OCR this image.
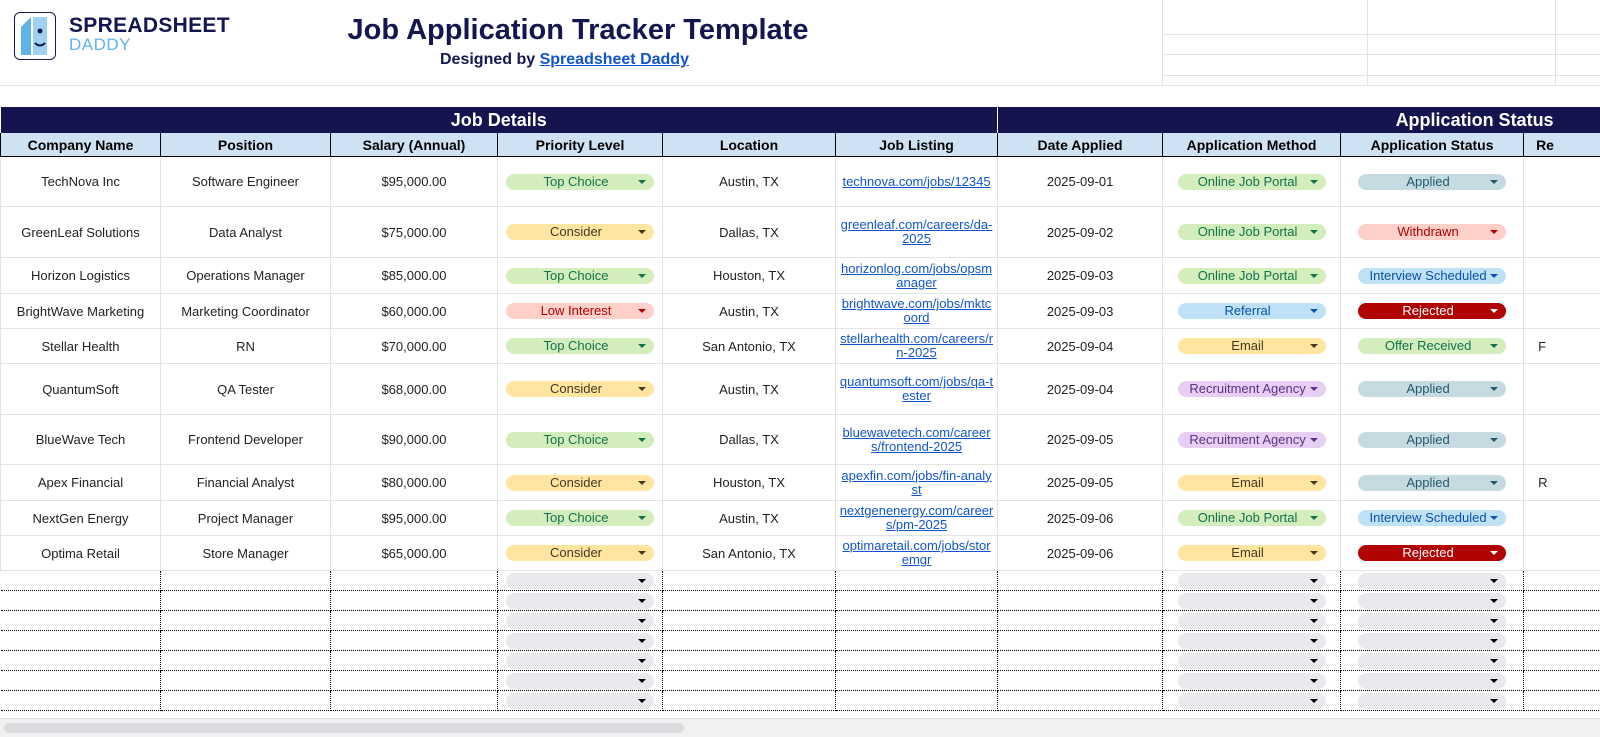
SPREADSHEET
DADDY	Job Application Tracker Template
Designed by Spreadsheet Daddy
Job Details						Application Status			
Company Name	Position	Salary (Annual)	Priority Level	Location	Job Listing	Date Applied	Application Method	Application Status	Re
TechNova Inc	Software Engineer	$95,000.00	Top Choice	Austin, TX	technova.com/jobs/12345	2025-09-01	Online Job Portal	Applied	

GreenLeaf Solutions	Data Analyst	$75,000.00	Consider	Dallas, TX	greenleaf.com/careers/da-2025	2025-09-02	Online Job Portal	Withdrawn	

Horizon Logistics	Operations Manager	$85,000.00	Top Choice	Houston, TX	horizonlog.com/jobs/opsmanager	2025-09-03	Online Job Portal	Interview Scheduled	

BrightWave Marketing	Marketing Coordinator	$60,000.00	Low Interest	Austin, TX	brightwave.com/jobs/mktcoord	2025-09-03	Referral	Rejected	

Stellar Health	RN	$70,000.00	Top Choice	San Antonio, TX	stellarhealth.com/careers/rn-2025	2025-09-04	Email	Offer Received	F
QuantumSoft	QA Tester	$68,000.00	Consider	Austin, TX	quantumsoft.com/jobs/qa-tester	2025-09-04	Recruitment Agency	Applied	

BlueWave Tech	Frontend Developer	$90,000.00	Top Choice	Dallas, TX	bluewavetech.com/careers/frontend-2025	2025-09-05	Recruitment Agency	Applied	

Apex Financial	Financial Analyst	$80,000.00	Consider	Houston, TX	apexfin.com/jobs/fin-analyst	2025-09-05	Email	Applied	R
NextGen Energy	Project Manager	$95,000.00	Top Choice	Austin, TX	nextgenenergy.com/careers/pm-2025	2025-09-06	Online Job Portal	Interview Scheduled	

Optima Retail	Store Manager	$65,000.00	Consider	San Antonio, TX	optimaretail.com/jobs/storemgr	2025-09-06	Email	Rejected	
